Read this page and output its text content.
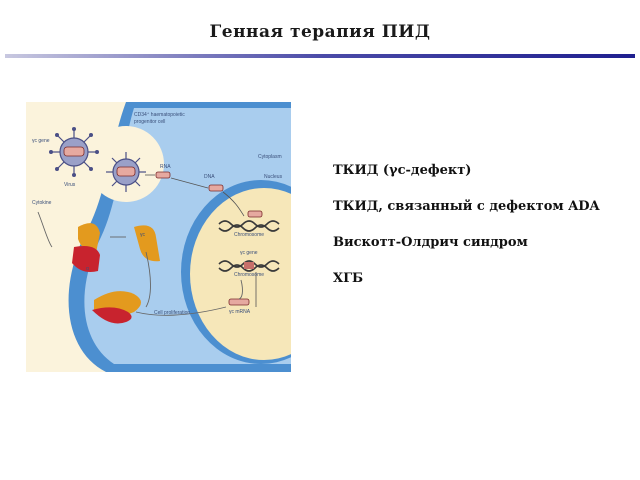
Генная терапия ПИД
CD34⁺ haematopoietic
progenitor cell
γc gene
Virus
RNA
DNA
Cytoplasm
Nucleus
Cytokine
γc
α
Chromosome
γc gene
Chromosome
γc mRNA
Cell proliferation
ТКИД (γc-дефект)
ТКИД, связанный с дефектом ADA
Вискотт-Олдрич синдром
ХГБ
